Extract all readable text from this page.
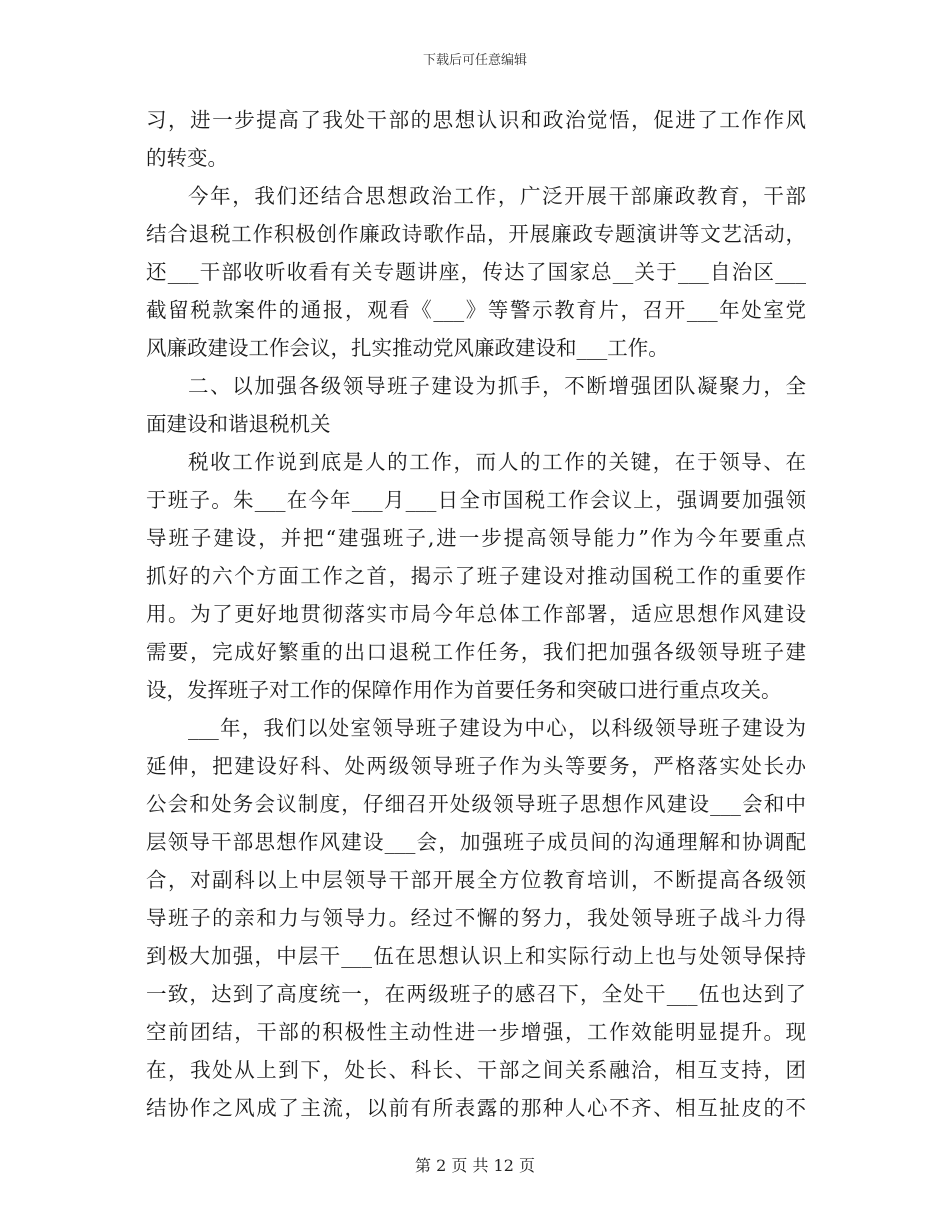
下载后可任意编辑
习，进一步提高了我处干部的思想认识和政治觉悟，促进了工作作风
的转变。
今年，我们还结合思想政治工作，广泛开展干部廉政教育，干部
结合退税工作积极创作廉政诗歌作品，开展廉政专题演讲等文艺活动，
还___干部收听收看有关专题讲座，传达了国家总__关于___自治区___
截留税款案件的通报，观看《___》等警示教育片，召开___年处室党
风廉政建设工作会议，扎实推动党风廉政建设和___工作。
二、以加强各级领导班子建设为抓手，不断增强团队凝聚力，全
面建设和谐退税机关
税收工作说到底是人的工作，而人的工作的关键，在于领导、在
于班子。朱___在今年___月___日全市国税工作会议上，强调要加强领
导班子建设，并把“建强班子,进一步提高领导能力”作为今年要重点
抓好的六个方面工作之首，揭示了班子建设对推动国税工作的重要作
用。为了更好地贯彻落实市局今年总体工作部署，适应思想作风建设
需要，完成好繁重的出口退税工作任务，我们把加强各级领导班子建
设，发挥班子对工作的保障作用作为首要任务和突破口进行重点攻关。
___年，我们以处室领导班子建设为中心，以科级领导班子建设为
延伸，把建设好科、处两级领导班子作为头等要务，严格落实处长办
公会和处务会议制度，仔细召开处级领导班子思想作风建设___会和中
层领导干部思想作风建设___会，加强班子成员间的沟通理解和协调配
合，对副科以上中层领导干部开展全方位教育培训，不断提高各级领
导班子的亲和力与领导力。经过不懈的努力，我处领导班子战斗力得
到极大加强，中层干___伍在思想认识上和实际行动上也与处领导保持
一致，达到了高度统一，在两级班子的感召下，全处干___伍也达到了
空前团结，干部的积极性主动性进一步增强，工作效能明显提升。现
在，我处从上到下，处长、科长、干部之间关系融洽，相互支持，团
结协作之风成了主流，以前有所表露的那种人心不齐、相互扯皮的不
第 2 页 共 12 页
